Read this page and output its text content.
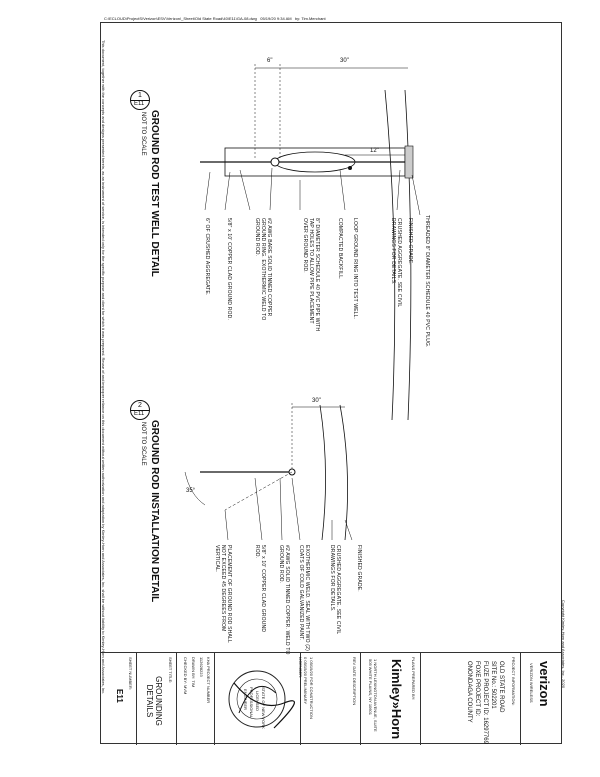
C:\ECLOUD\ProjectS\Verizon\ESV\Verizon\_Sheet\Old State Road\40\E11\GA-08.dwg 05/19/20 9:34 AM by: Tim.Merchant
This document, together with the concepts and designs presented herein, as an instrument of service, is intended only for the specific purpose and client for which it was prepared. Reuse of and improper reliance on this document without written authorization and adaptation by Kimley-Horn and Associates, Inc. shall be without liability to Kimley-Horn and Associates, Inc.	1
E11
GROUND ROD TEST WELL DETAIL
NOT TO SCALE
6"	30"
12"
THREADED 8" DIAMETER SCHEDULE 40 PVC PLUG.
FINISHED GRADE.
CRUSHED AGGREGATE. SEE CIVIL DRAWINGS FOR DETAILS.
LOOP GROUND RING INTO TEST WELL.
COMPACTED BACKFILL.
8" DIAMETER SCHEDULE 40 PVC PIPE WITH TAP HOLES TO ALLOW PIPE PLACEMENT OVER GROUND ROD.
#2 AWG BARE SOLID TINNED COPPER GROUND RING. EXOTHERMIC WELD TO GROUND ROD.
5/8" x 10' COPPER CLAD GROUND ROD.
6" OF CRUSHED AGGREGATE.
2
E11
GROUND ROD INSTALLATION DETAIL
NOT TO SCALE
30"
35°
FINISHED GRADE.
CRUSHED AGGREGATE. SEE CIVIL DRAWINGS FOR DETAILS.
EXOTHERMIC WELD. SEAL WITH TWO (2) COATS OF COLD GALVANIZED PAINT.
#2 AWG SOLID TINNED COPPER. WELD TO GROUND ROD.
5/8" x 10' COPPER CLAD GROUND ROD.
PLACEMENT OF GROUND ROD SHALL NOT EXCEED 45 DEGREES FROM VERTICAL.
SHEET NUMBER:
E11
SHEET TITLE:
GROUNDING DETAILS	KHA PROJECT NUMBER
112628223
DRAWN BY: TIM
CHECKED BY: MVM
STATE OF NEW YORK
LICENSED
PROFESSIONAL
ENGINEER	REV DATE DESCRIPTION
1 05/19/20 FOR CONSTRUCTION
0 05/15/20 PRELIMINARY
LICENSER:	PLANS PREPARED BY:
Kimley»Horn
1 NORTH LEXINGTON AVENUE, SUITE 505 WHITE PLAINS, NY 10601	PROJECT INFORMATION:
OLD STATE ROAD
SITE No.: 502201
FUZE PROJECT ID: 16297769
FOXE PROJECT ID:
ONONDAGA COUNTY	verizon
VERIZON WIRELESS	Copyright Kimley-Horn and Associates, Inc., 2020
